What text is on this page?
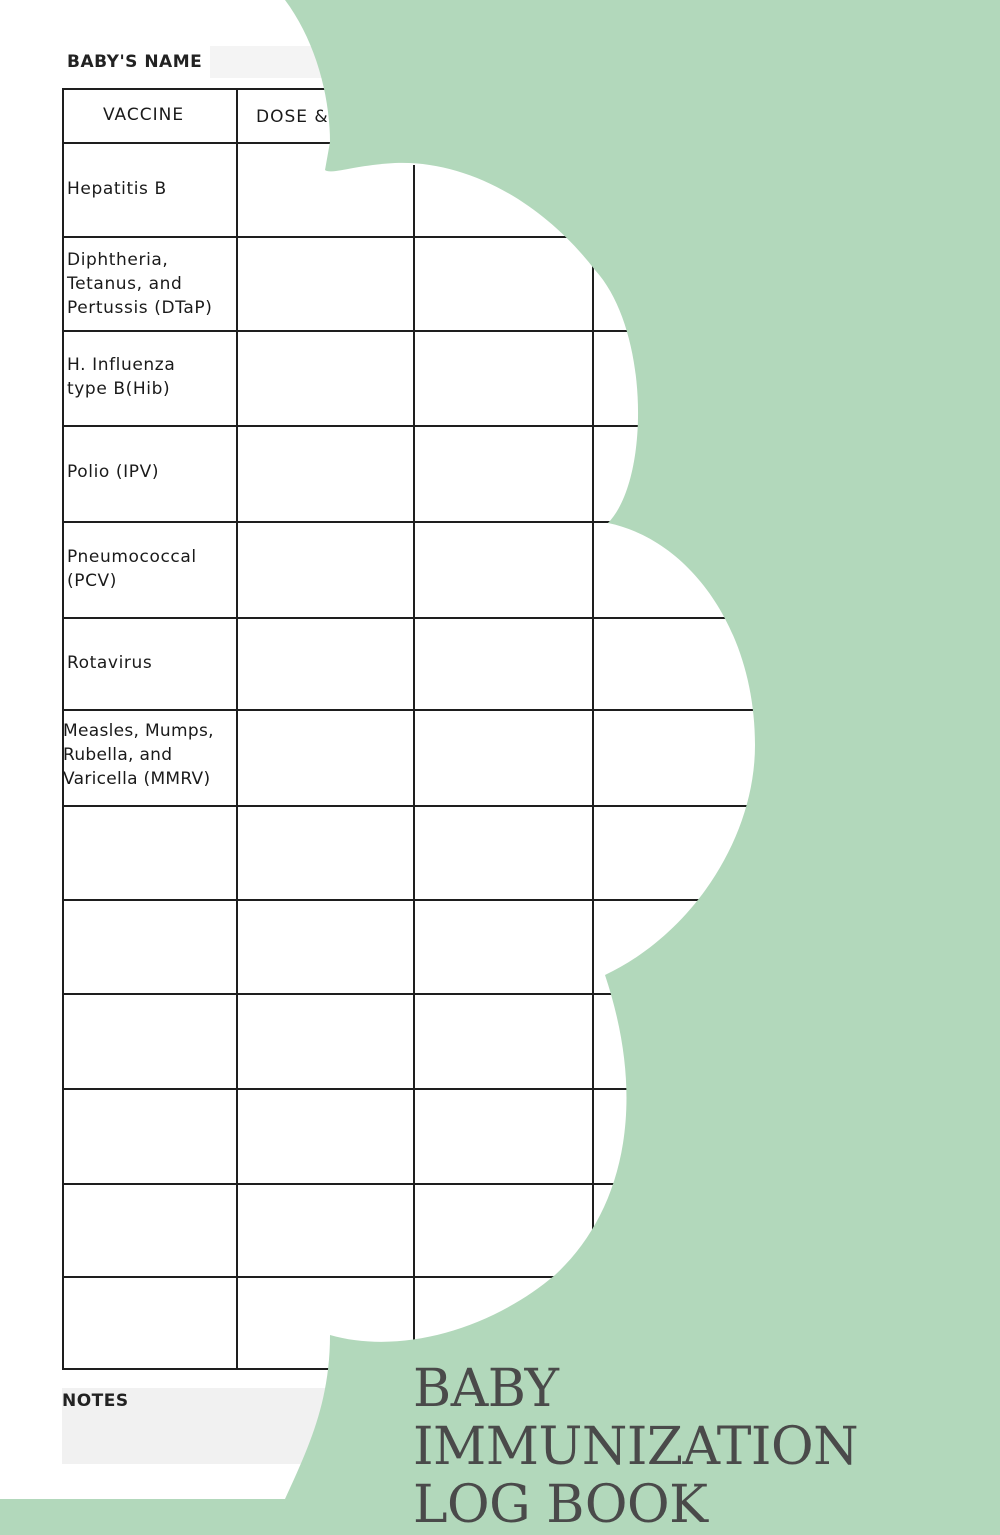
BABY'S NAME
VACCINE	DOSE &
Hepatitis B
Diphtheria,
Tetanus, and
Pertussis (DTaP)
H. Influenza
type B(Hib)
Polio (IPV)
Pneumococcal
(PCV)
Rotavirus
Measles, Mumps,
Rubella, and
Varicella (MMRV)
NOTES	BABY IMMUNIZATION
LOG BOOK
